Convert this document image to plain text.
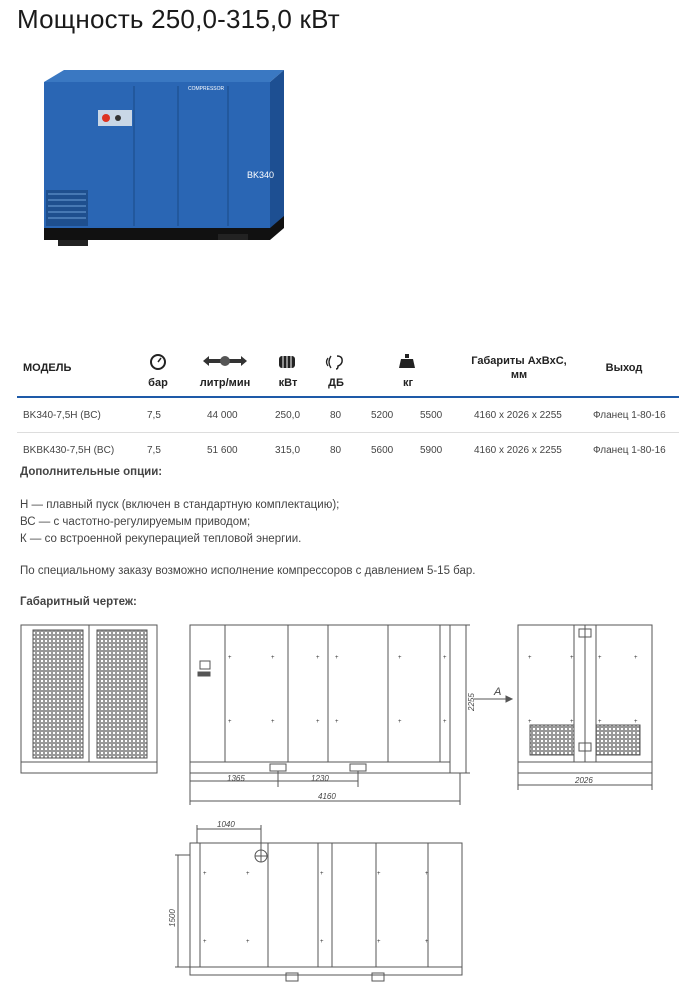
Мощность 250,0-315,0 кВт
COMPRESSOR
BK340
МОДЕЛЬ
бар	литр/мин	кВт	ДБ	кг
Габариты АхВхС, мм
Выход
BK340-7,5H (BC)	7,5	44 000	250,0	80	5200	5500	4160 x 2026 x 2255	Фланец 1-80-16
BKBK430-7,5H (BC)	7,5	51 600	315,0	80	5600	5900	4160 x 2026 x 2255	Фланец 1-80-16
Дополнительные опции:
Н — плавный пуск (включен в стандартную комплектацию);
ВС — с частотно-регулируемым приводом;
К — со встроенной рекуперацией тепловой энергии.
По специальному заказу возможно исполнение компрессоров с давлением 5-15 бар.
Габаритный чертеж:
+
+
+
+
+
+
+
+
+
+
+
+
+
+
+
+
+
+
+
+
+
+
+
+
+
+
+
+
+
+
1365	1230
4160
2255
A
2026
1040
1500
